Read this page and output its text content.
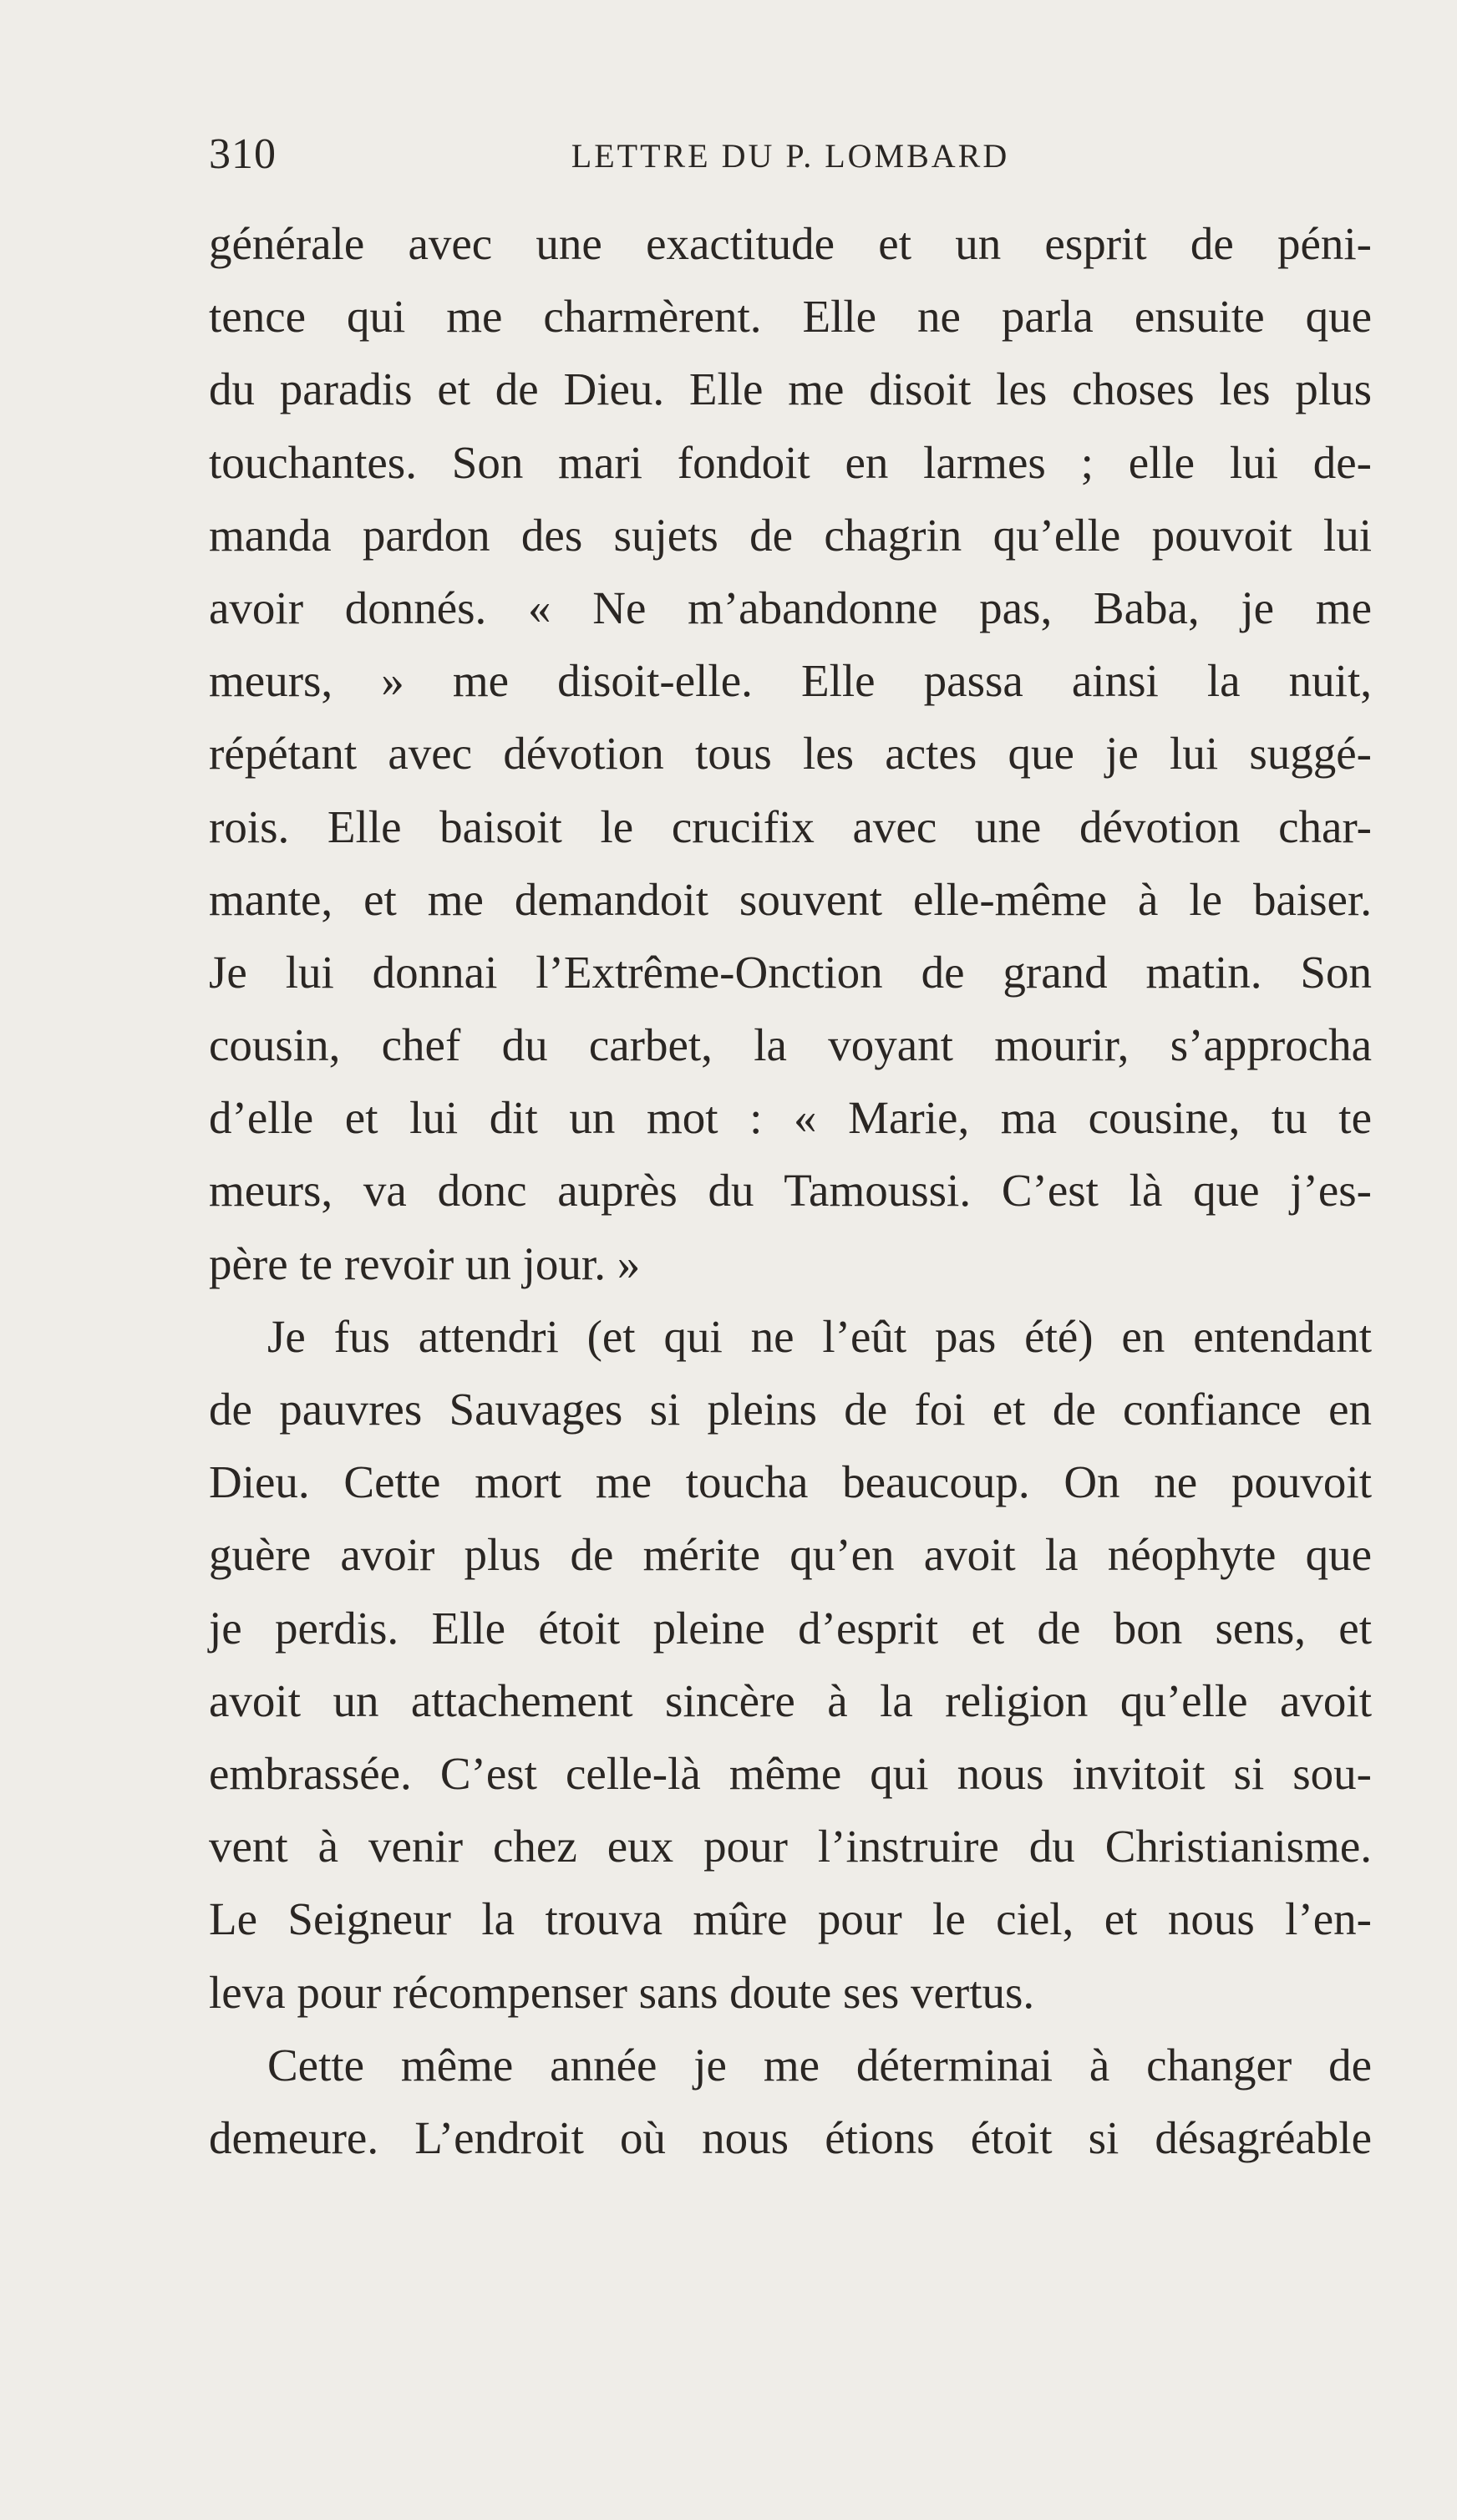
310	LETTRE DU P. LOMBARD
générale avec une exactitude et un esprit de péni-
tence qui me charmèrent. Elle ne parla ensuite que
du paradis et de Dieu. Elle me disoit les choses les plus
touchantes. Son mari fondoit en larmes ; elle lui de-
manda pardon des sujets de chagrin qu’elle pouvoit lui
avoir donnés. « Ne m’abandonne pas, Baba, je me
meurs, » me disoit-elle. Elle passa ainsi la nuit,
répétant avec dévotion tous les actes que je lui suggé-
rois. Elle baisoit le crucifix avec une dévotion char-
mante, et me demandoit souvent elle-même à le baiser.
Je lui donnai l’Extrême-Onction de grand matin. Son
cousin, chef du carbet, la voyant mourir, s’approcha
d’elle et lui dit un mot : « Marie, ma cousine, tu te
meurs, va donc auprès du Tamoussi. C’est là que j’es-
père te revoir un jour. »
Je fus attendri (et qui ne l’eût pas été) en entendant
de pauvres Sauvages si pleins de foi et de confiance en
Dieu. Cette mort me toucha beaucoup. On ne pouvoit
guère avoir plus de mérite qu’en avoit la néophyte que
je perdis. Elle étoit pleine d’esprit et de bon sens, et
avoit un attachement sincère à la religion qu’elle avoit
embrassée. C’est celle-là même qui nous invitoit si sou-
vent à venir chez eux pour l’instruire du Christianisme.
Le Seigneur la trouva mûre pour le ciel, et nous l’en-
leva pour récompenser sans doute ses vertus.
Cette même année je me déterminai à changer de
demeure. L’endroit où nous étions étoit si désagréable
